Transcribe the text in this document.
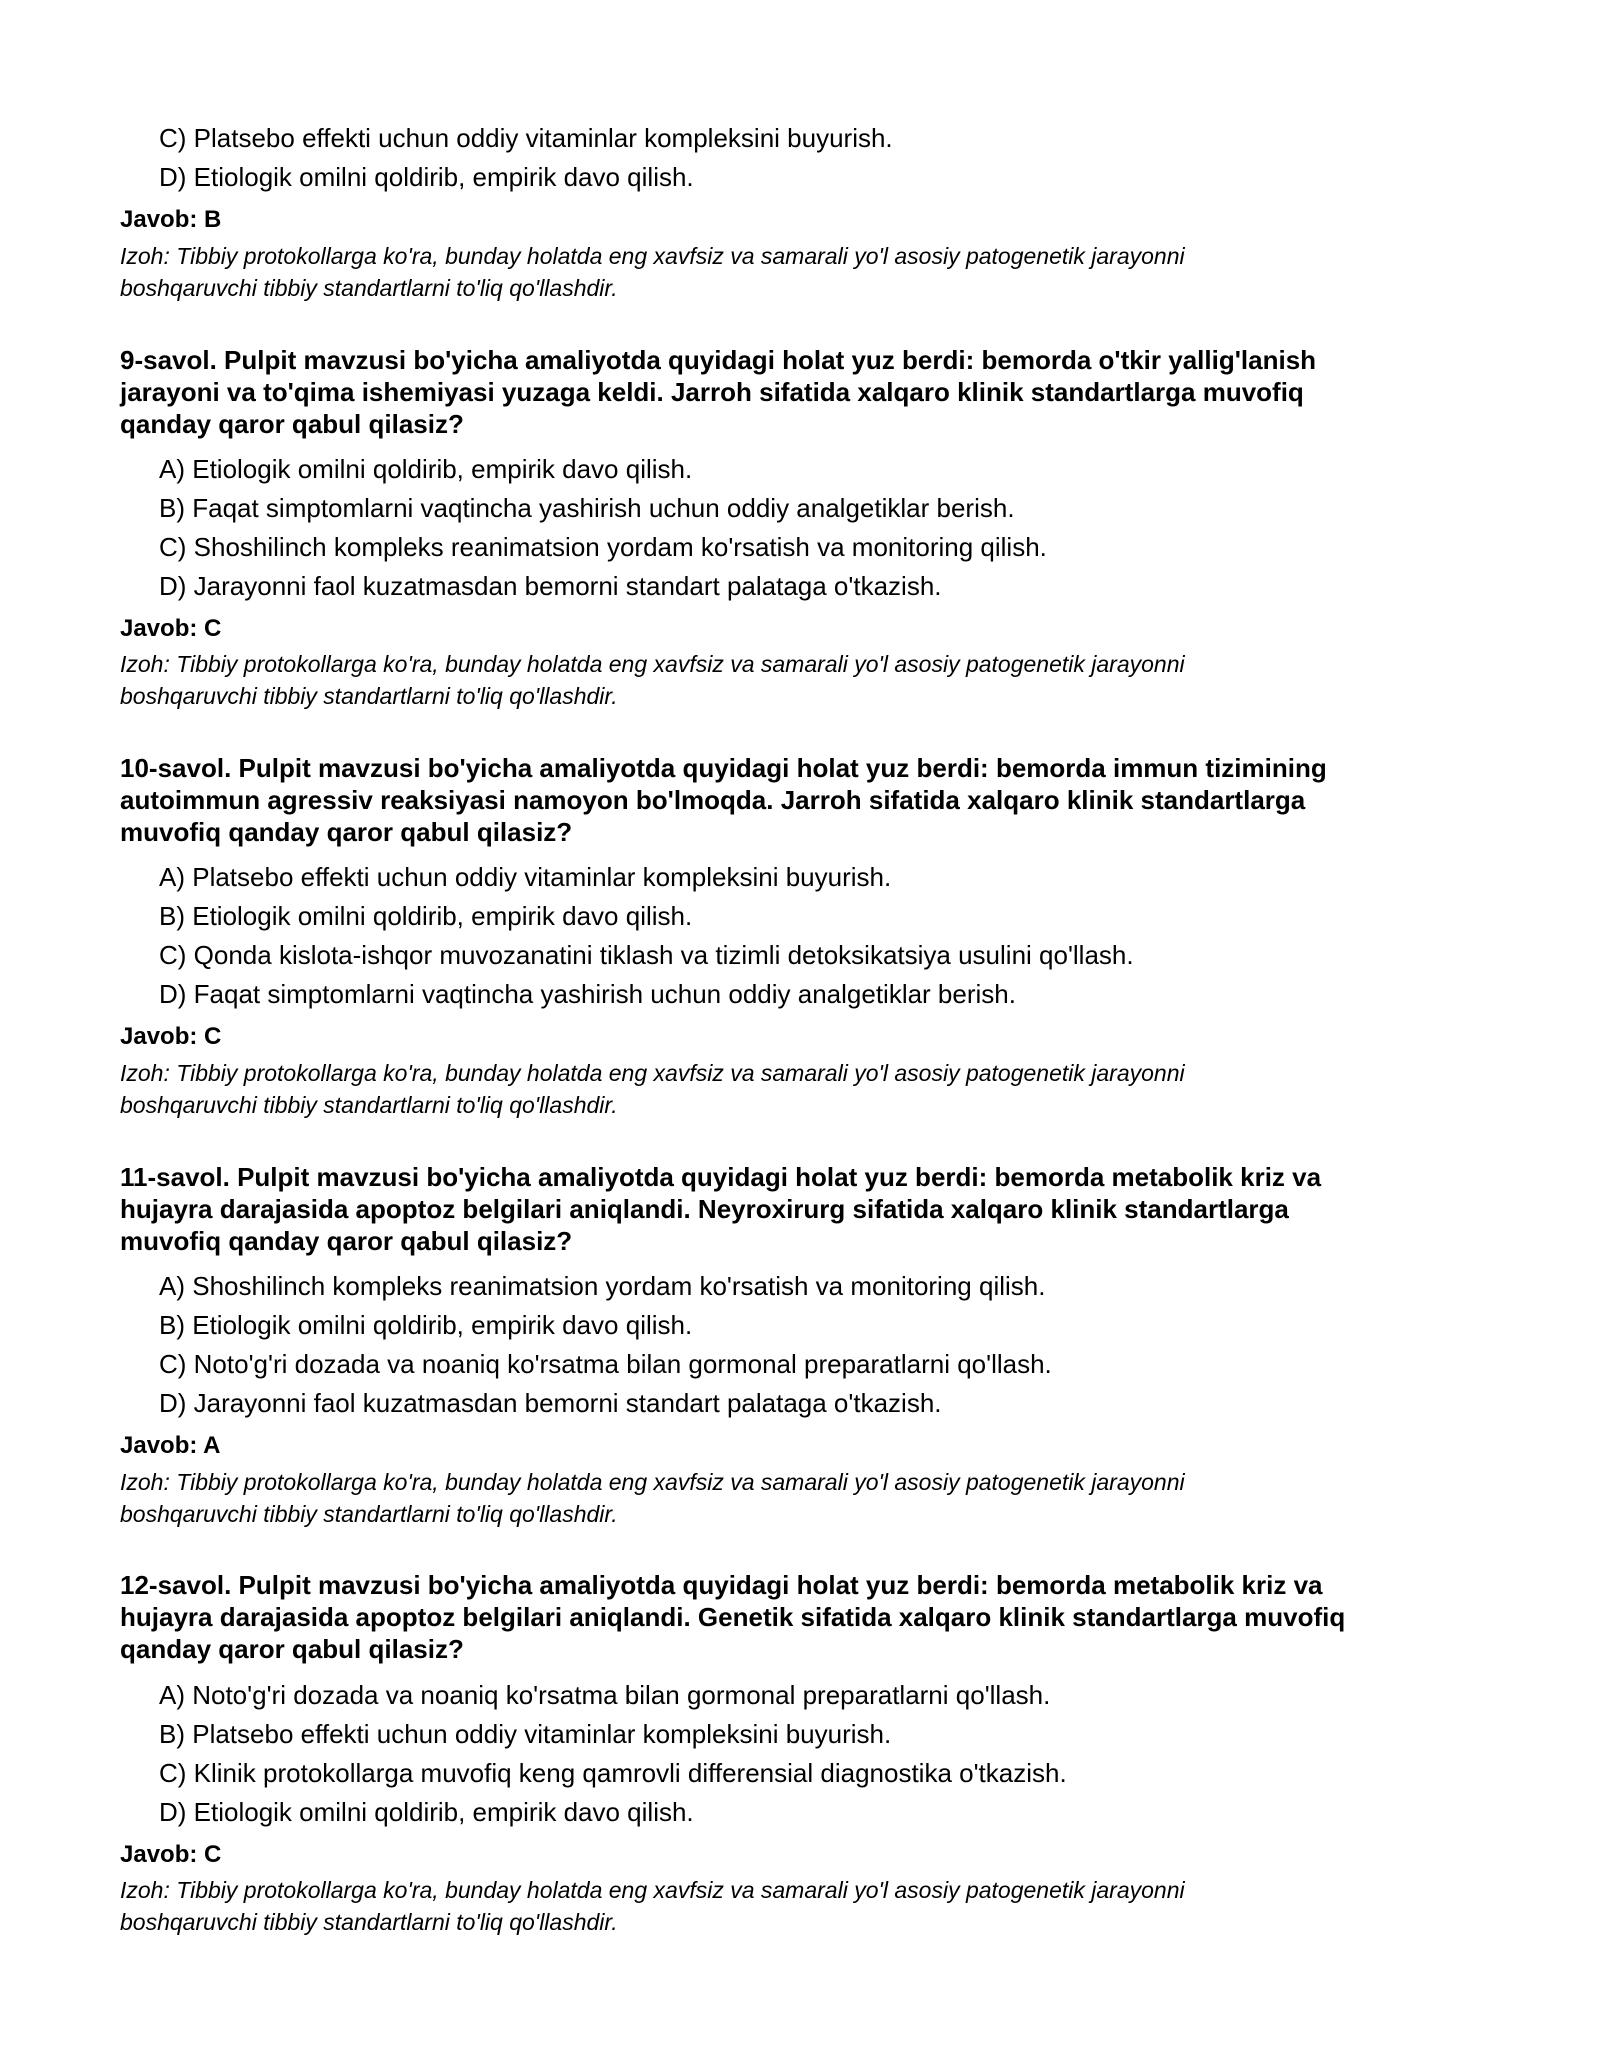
C) Platsebo effekti uchun oddiy vitaminlar kompleksini buyurish.
D) Etiologik omilni qoldirib, empirik davo qilish.
Javob: B
Izoh: Tibbiy protokollarga ko'ra, bunday holatda eng xavfsiz va samarali yo'l asosiy patogenetik jarayonni
boshqaruvchi tibbiy standartlarni to'liq qo'llashdir.
9-savol. Pulpit mavzusi bo'yicha amaliyotda quyidagi holat yuz berdi: bemorda o'tkir yallig'lanish
jarayoni va to'qima ishemiyasi yuzaga keldi. Jarroh sifatida xalqaro klinik standartlarga muvofiq
qanday qaror qabul qilasiz?
A) Etiologik omilni qoldirib, empirik davo qilish.
B) Faqat simptomlarni vaqtincha yashirish uchun oddiy analgetiklar berish.
C) Shoshilinch kompleks reanimatsion yordam ko'rsatish va monitoring qilish.
D) Jarayonni faol kuzatmasdan bemorni standart palataga o'tkazish.
Javob: C
Izoh: Tibbiy protokollarga ko'ra, bunday holatda eng xavfsiz va samarali yo'l asosiy patogenetik jarayonni
boshqaruvchi tibbiy standartlarni to'liq qo'llashdir.
10-savol. Pulpit mavzusi bo'yicha amaliyotda quyidagi holat yuz berdi: bemorda immun tizimining
autoimmun agressiv reaksiyasi namoyon bo'lmoqda. Jarroh sifatida xalqaro klinik standartlarga
muvofiq qanday qaror qabul qilasiz?
A) Platsebo effekti uchun oddiy vitaminlar kompleksini buyurish.
B) Etiologik omilni qoldirib, empirik davo qilish.
C) Qonda kislota-ishqor muvozanatini tiklash va tizimli detoksikatsiya usulini qo'llash.
D) Faqat simptomlarni vaqtincha yashirish uchun oddiy analgetiklar berish.
Javob: C
Izoh: Tibbiy protokollarga ko'ra, bunday holatda eng xavfsiz va samarali yo'l asosiy patogenetik jarayonni
boshqaruvchi tibbiy standartlarni to'liq qo'llashdir.
11-savol. Pulpit mavzusi bo'yicha amaliyotda quyidagi holat yuz berdi: bemorda metabolik kriz va
hujayra darajasida apoptoz belgilari aniqlandi. Neyroxirurg sifatida xalqaro klinik standartlarga
muvofiq qanday qaror qabul qilasiz?
A) Shoshilinch kompleks reanimatsion yordam ko'rsatish va monitoring qilish.
B) Etiologik omilni qoldirib, empirik davo qilish.
C) Noto'g'ri dozada va noaniq ko'rsatma bilan gormonal preparatlarni qo'llash.
D) Jarayonni faol kuzatmasdan bemorni standart palataga o'tkazish.
Javob: A
Izoh: Tibbiy protokollarga ko'ra, bunday holatda eng xavfsiz va samarali yo'l asosiy patogenetik jarayonni
boshqaruvchi tibbiy standartlarni to'liq qo'llashdir.
12-savol. Pulpit mavzusi bo'yicha amaliyotda quyidagi holat yuz berdi: bemorda metabolik kriz va
hujayra darajasida apoptoz belgilari aniqlandi. Genetik sifatida xalqaro klinik standartlarga muvofiq
qanday qaror qabul qilasiz?
A) Noto'g'ri dozada va noaniq ko'rsatma bilan gormonal preparatlarni qo'llash.
B) Platsebo effekti uchun oddiy vitaminlar kompleksini buyurish.
C) Klinik protokollarga muvofiq keng qamrovli differensial diagnostika o'tkazish.
D) Etiologik omilni qoldirib, empirik davo qilish.
Javob: C
Izoh: Tibbiy protokollarga ko'ra, bunday holatda eng xavfsiz va samarali yo'l asosiy patogenetik jarayonni
boshqaruvchi tibbiy standartlarni to'liq qo'llashdir.
